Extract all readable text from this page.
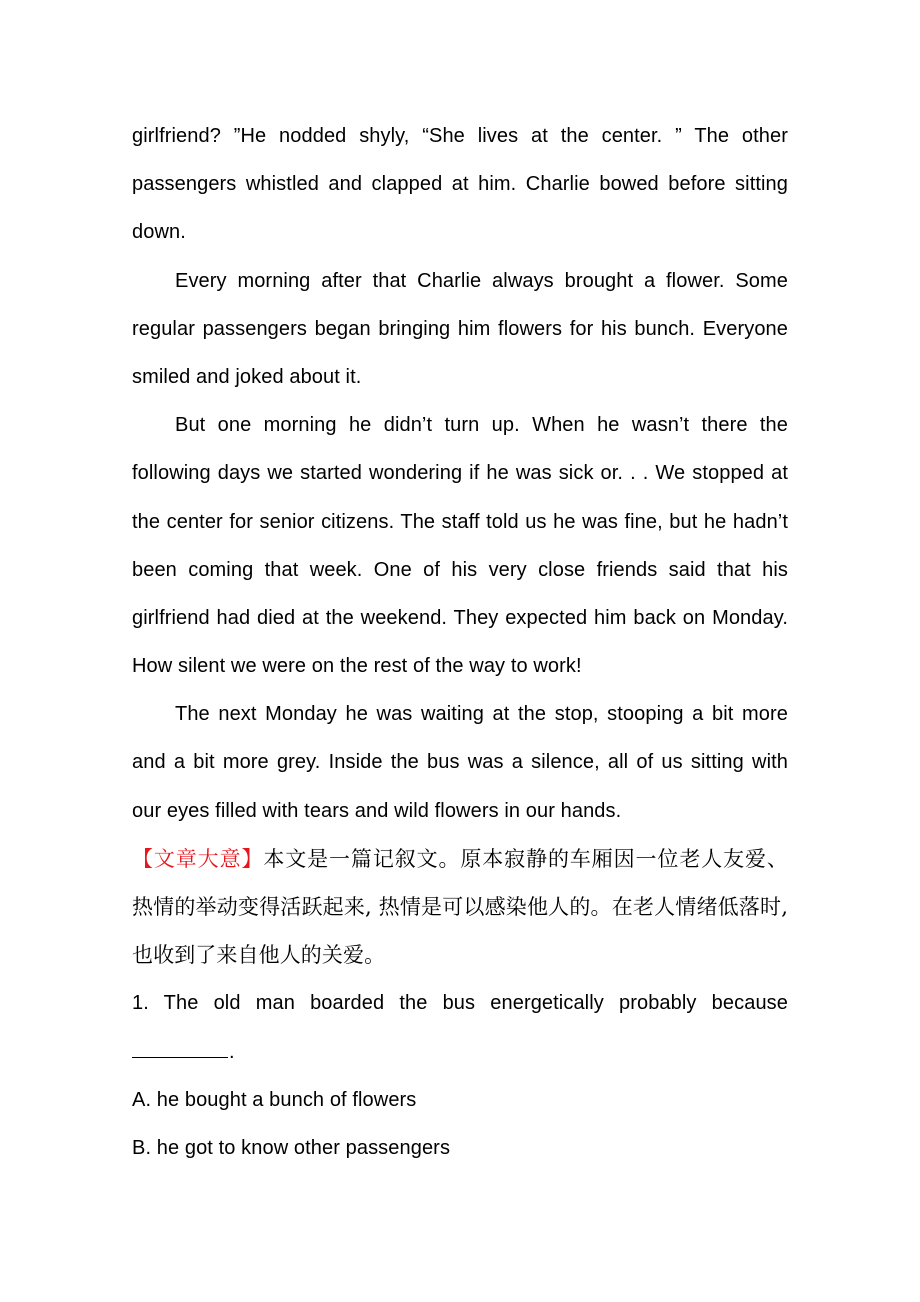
girlfriend? ”He nodded shyly, “She lives at the center. ” The other
passengers whistled and clapped at him. Charlie bowed before sitting
down.
Every morning after that Charlie always brought a flower. Some
regular passengers began bringing him flowers for his bunch. Everyone
smiled and joked about it.
But one morning he didn’t turn up. When he wasn’t there the
following days we started wondering if he was sick or. . . We stopped at
the center for senior citizens. The staff told us he was fine, but he hadn’t
been coming that week. One of his very close friends said that his
girlfriend had died at the weekend. They expected him back on Monday.
How silent we were on the rest of the way to work!
The next Monday he was waiting at the stop, stooping a bit more
and a bit more grey. Inside the bus was a silence, all of us sitting with
our eyes filled with tears and wild flowers in our hands.
【文章大意】本文是一篇记叙文。原本寂静的车厢因一位老人友爱、
热情的举动变得活跃起来, 热情是可以感染他人的。在老人情绪低落时,
也收到了来自他人的关爱。
1. The old man boarded the bus energetically probably because
.
A. he bought a bunch of flowers
B. he got to know other passengers
